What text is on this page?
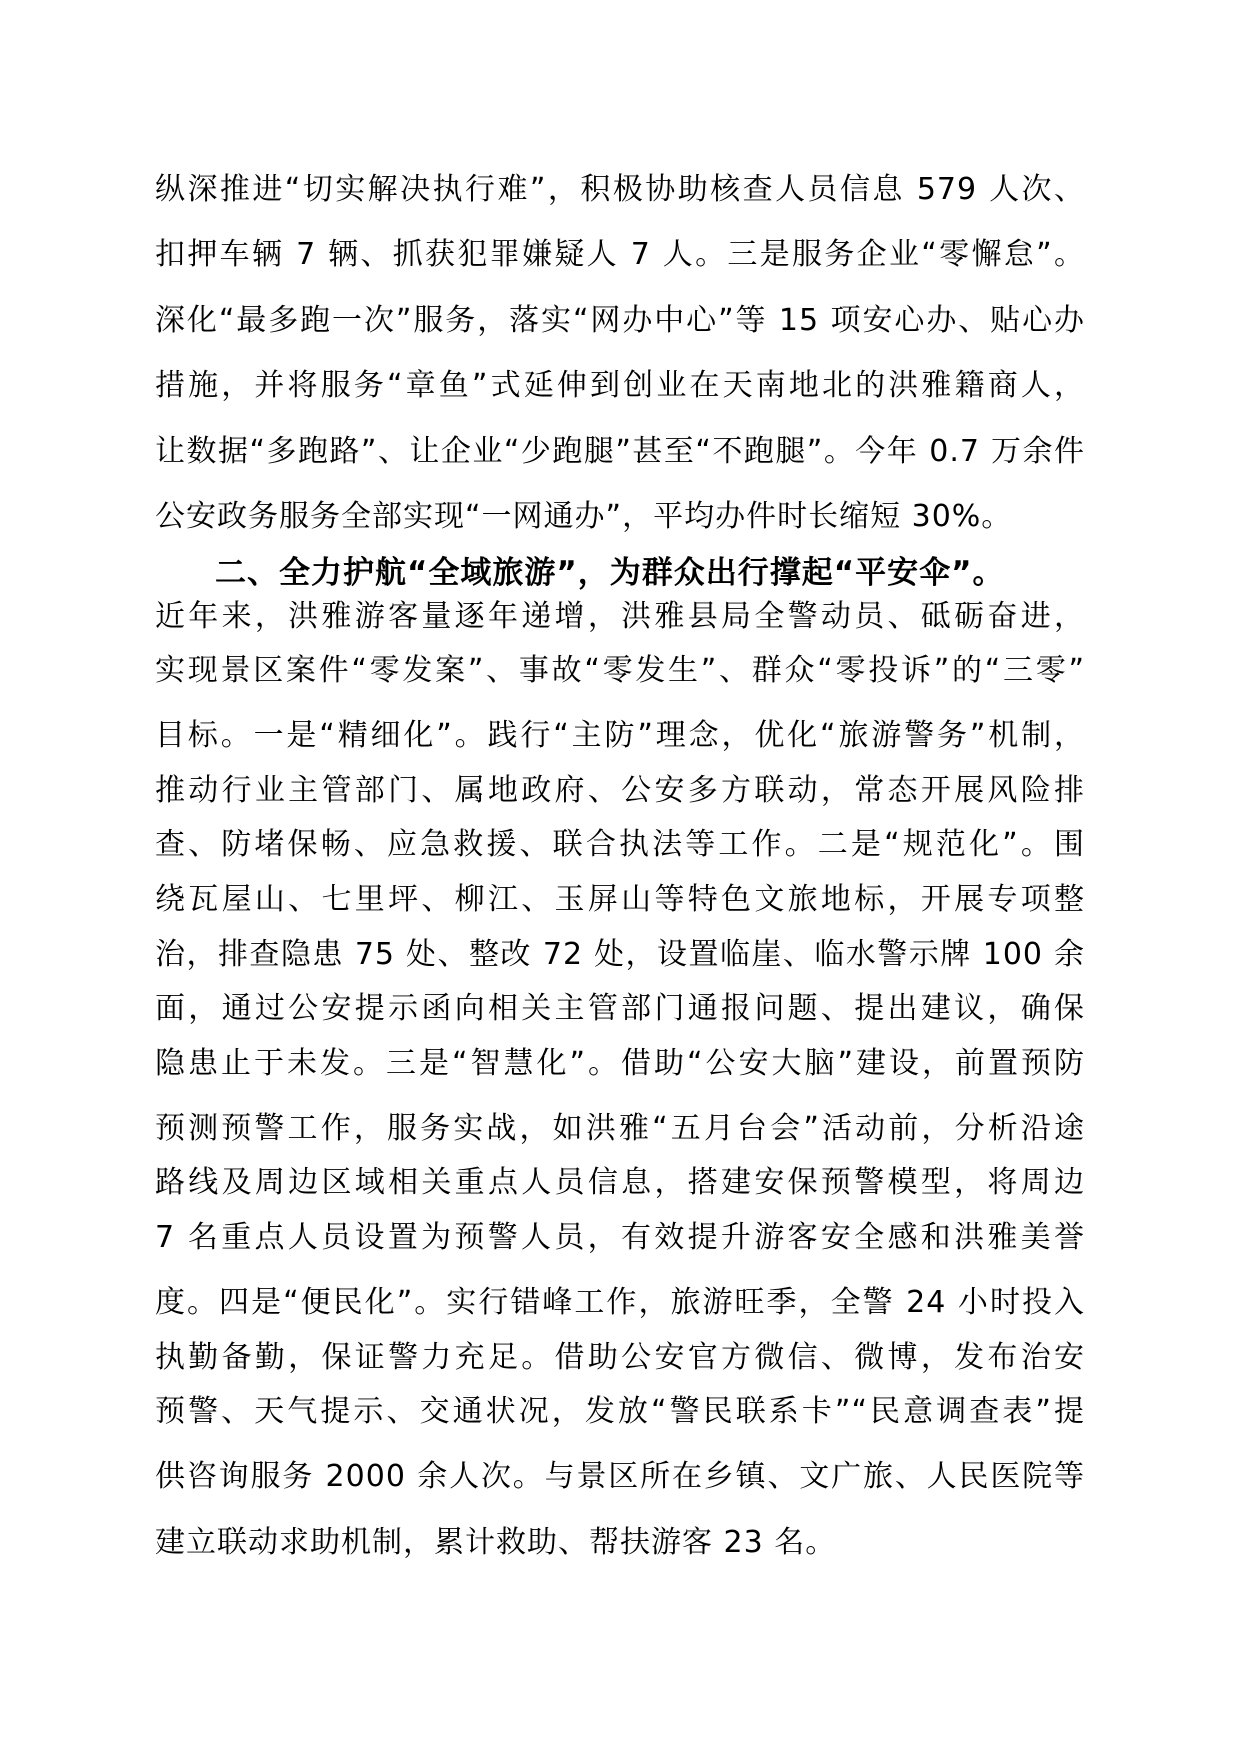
纵深推进“切实解决执行难”，积极协助核查人员信息 579 人次、
扣押车辆 7 辆、抓获犯罪嫌疑人 7 人。三是服务企业“零懈怠”。
深化“最多跑一次”服务，落实“网办中心”等 15 项安心办、贴心办
措施，并将服务“章鱼”式延伸到创业在天南地北的洪雅籍商人，
让数据“多跑路”、让企业“少跑腿”甚至“不跑腿”。今年 0.7 万余件
公安政务服务全部实现“一网通办”，平均办件时长缩短 30%。
二、全力护航“全域旅游”，为群众出行撑起“平安伞”。
近年来，洪雅游客量逐年递增，洪雅县局全警动员、砥砺奋进，
实现景区案件“零发案”、事故“零发生”、群众“零投诉”的“三零”
目标。一是“精细化”。践行“主防”理念，优化“旅游警务”机制，
推动行业主管部门、属地政府、公安多方联动，常态开展风险排
查、防堵保畅、应急救援、联合执法等工作。二是“规范化”。围
绕瓦屋山、七里坪、柳江、玉屏山等特色文旅地标，开展专项整
治，排查隐患 75 处、整改 72 处，设置临崖、临水警示牌 100 余
面，通过公安提示函向相关主管部门通报问题、提出建议，确保
隐患止于未发。三是“智慧化”。借助“公安大脑”建设，前置预防
预测预警工作，服务实战，如洪雅“五月台会”活动前，分析沿途
路线及周边区域相关重点人员信息，搭建安保预警模型，将周边
7 名重点人员设置为预警人员，有效提升游客安全感和洪雅美誉
度。四是“便民化”。实行错峰工作，旅游旺季，全警 24 小时投入
执勤备勤，保证警力充足。借助公安官方微信、微博，发布治安
预警、天气提示、交通状况，发放“警民联系卡”“民意调查表”提
供咨询服务 2000 余人次。与景区所在乡镇、文广旅、人民医院等
建立联动求助机制，累计救助、帮扶游客 23 名。
